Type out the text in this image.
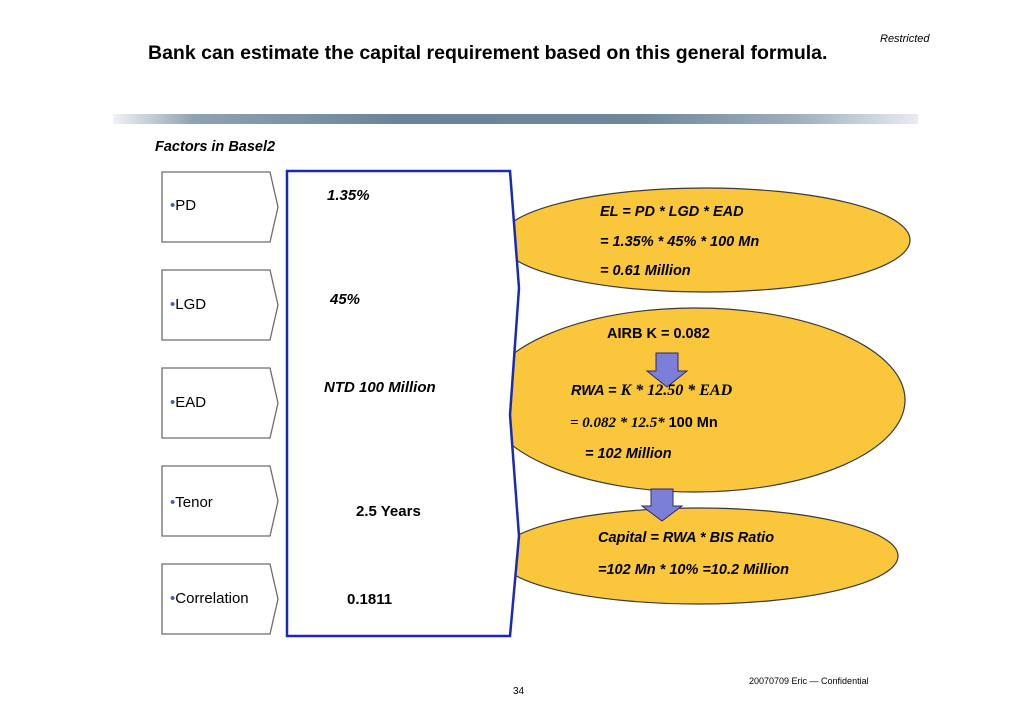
Restricted
Bank can estimate the capital requirement based on this general formula.
Factors in Basel2
•PD
•LGD
•EAD
•Tenor
•Correlation
1.35%
45%
NTD 100 Million
2.5 Years
0.1811
EL = PD * LGD * EAD
= 1.35% * 45% * 100 Mn
= 0.61 Million
AIRB K = 0.082
RWA = K * 12.50 * EAD
= 0.082 * 12.5* 100 Mn
= 102 Million
Capital = RWA * BIS Ratio
=102 Mn * 10% =10.2 Million
20070709 Eric — Confidential
34
